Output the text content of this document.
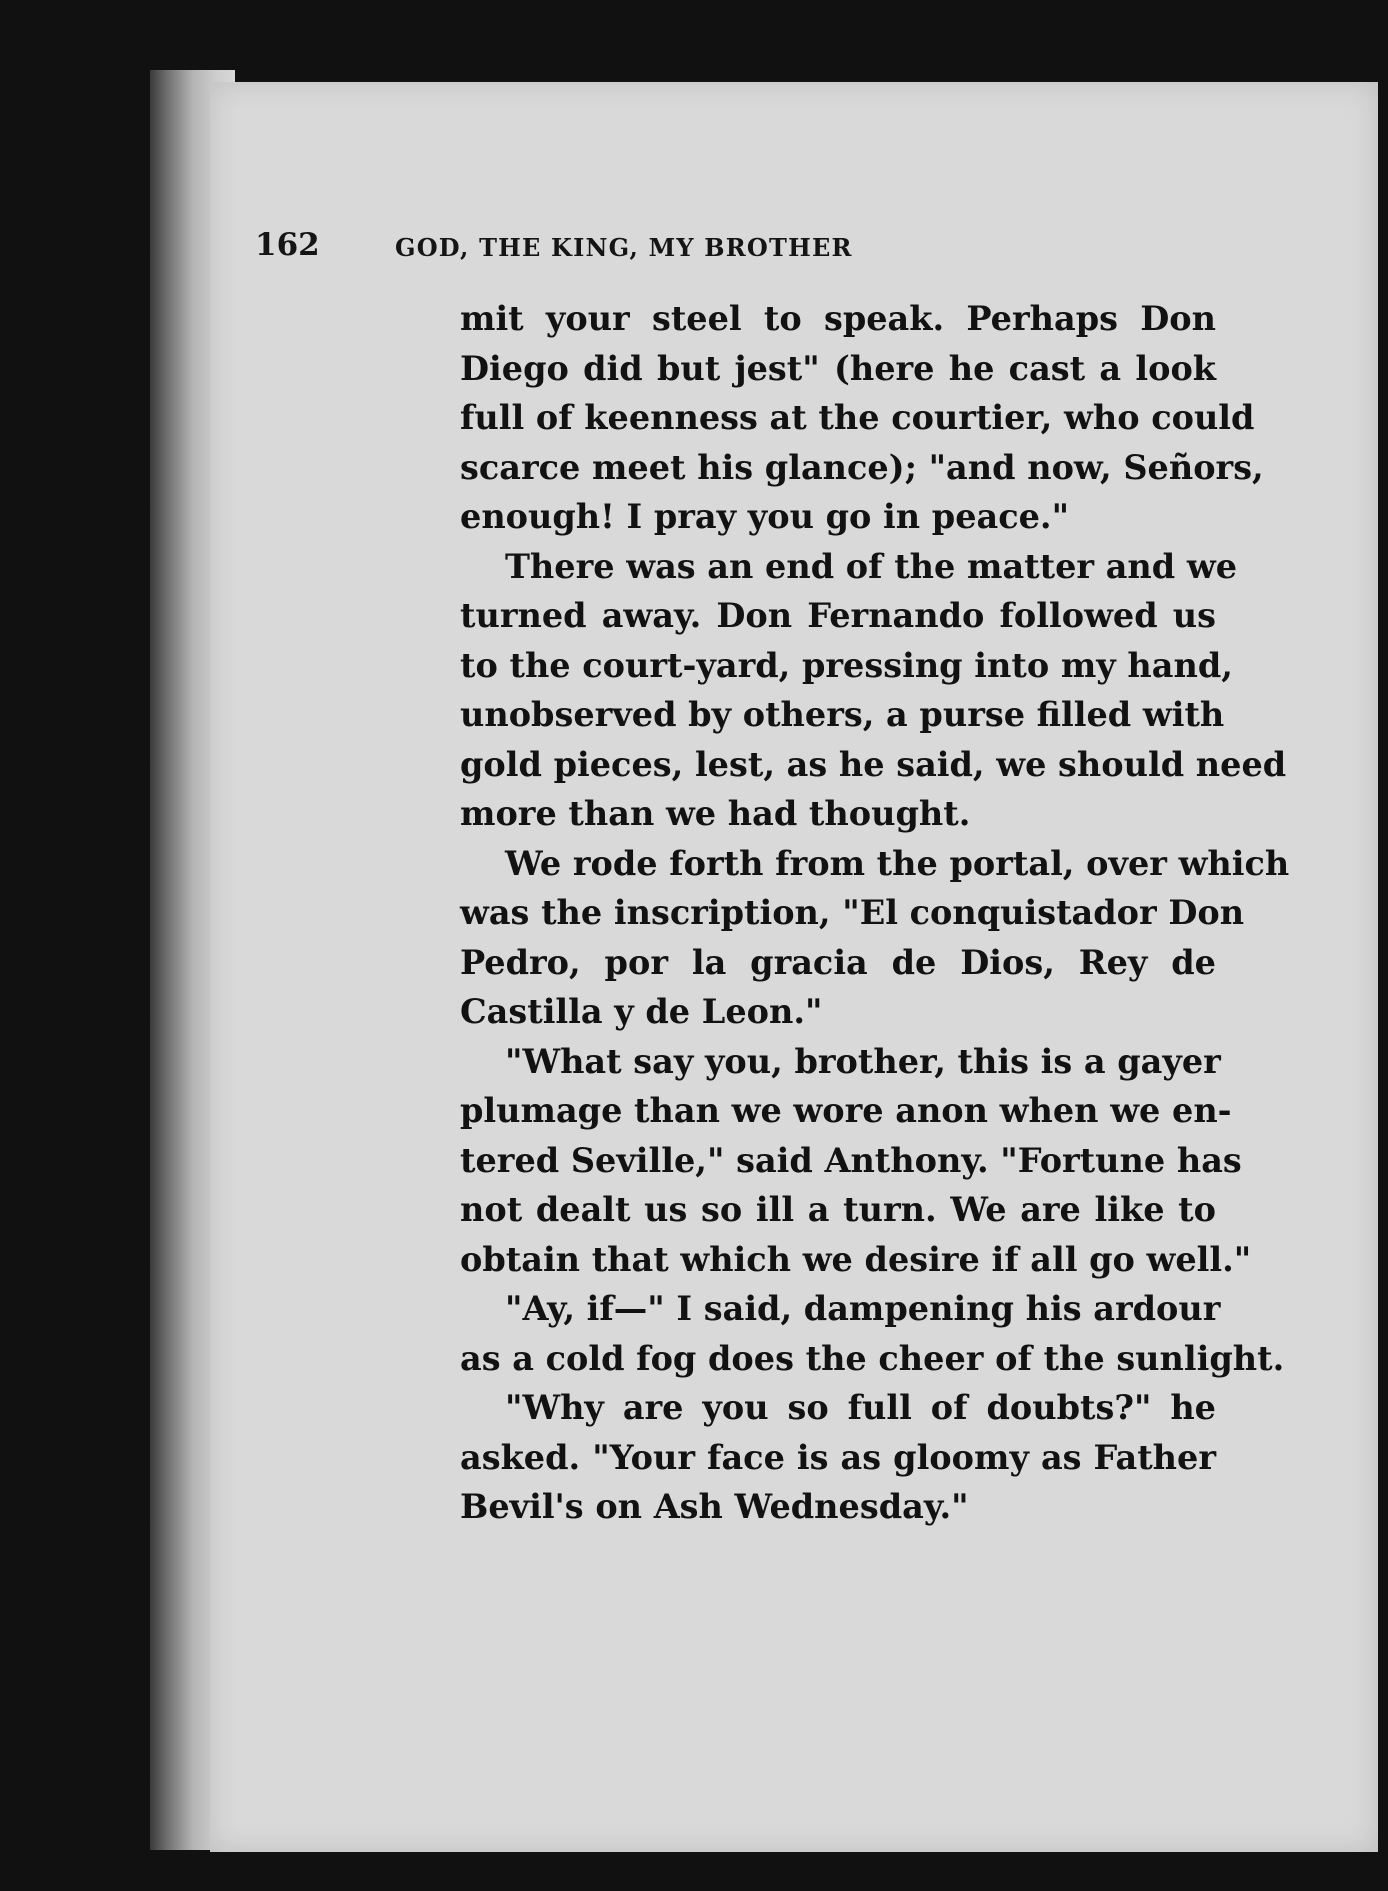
162	GOD, THE KING, MY BROTHER
mit your steel to speak. Perhaps Don
Diego did but jest" (here he cast a look
full of keenness at the courtier, who could
scarce meet his glance); "and now, Señors,
enough! I pray you go in peace."
There was an end of the matter and we
turned away. Don Fernando followed us
to the court-yard, pressing into my hand,
unobserved by others, a purse filled with
gold pieces, lest, as he said, we should need
more than we had thought.
We rode forth from the portal, over which
was the inscription, "El conquistador Don
Pedro, por la gracia de Dios, Rey de
Castilla y de Leon."
"What say you, brother, this is a gayer
plumage than we wore anon when we en-
tered Seville," said Anthony. "Fortune has
not dealt us so ill a turn. We are like to
obtain that which we desire if all go well."
"Ay, if—" I said, dampening his ardour
as a cold fog does the cheer of the sunlight.
"Why are you so full of doubts?" he
asked. "Your face is as gloomy as Father
Bevil's on Ash Wednesday."
